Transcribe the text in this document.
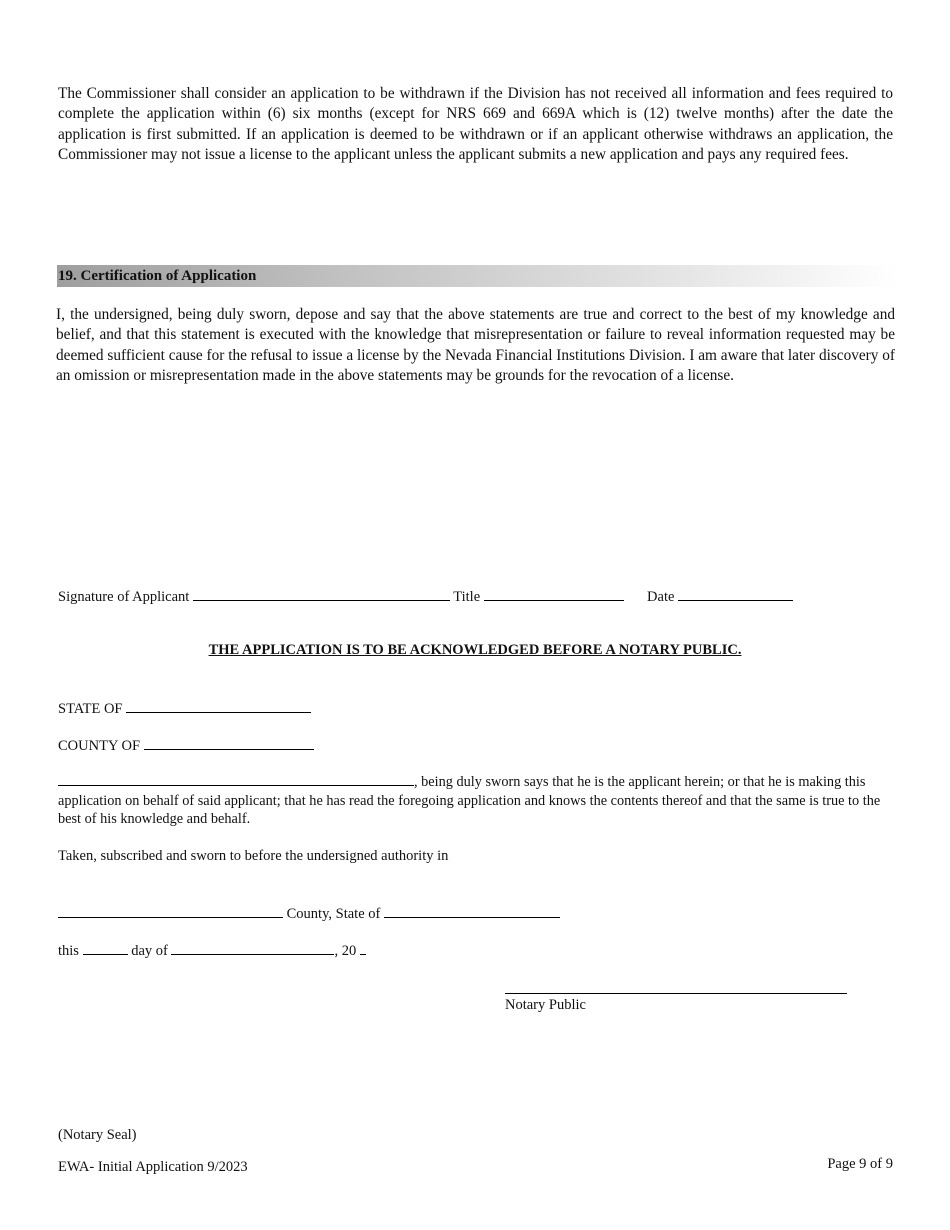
The Commissioner shall consider an application to be withdrawn if the Division has not received all information and fees required to complete the application within (6) six months (except for NRS 669 and 669A which is (12) twelve months) after the date the application is first submitted. If an application is deemed to be withdrawn or if an applicant otherwise withdraws an application, the Commissioner may not issue a license to the applicant unless the applicant submits a new application and pays any required fees.

19. Certification of Application

I, the undersigned, being duly sworn, depose and say that the above statements are true and correct to the best of my knowledge and belief, and that this statement is executed with the knowledge that misrepresentation or failure to reveal information requested may be deemed sufficient cause for the refusal to issue a license by the Nevada Financial Institutions Division. I am aware that later discovery of an omission or misrepresentation made in the above statements may be grounds for the revocation of a license.

Signature of Applicant	Title	Date
THE APPLICATION IS TO BE ACKNOWLEDGED BEFORE A NOTARY PUBLIC.
STATE OF
COUNTY OF
, being duly sworn says that he is the applicant herein; or that he is making this application on behalf of said applicant; that he has read the foregoing application and knows the contents thereof and that the same is true to the best of his knowledge and behalf.
Taken, subscribed and sworn to before the undersigned authority in
County, State of
this	day of	, 20
Notary Public
(Notary Seal)
EWA- Initial Application 9/2023	Page 9 of 9
